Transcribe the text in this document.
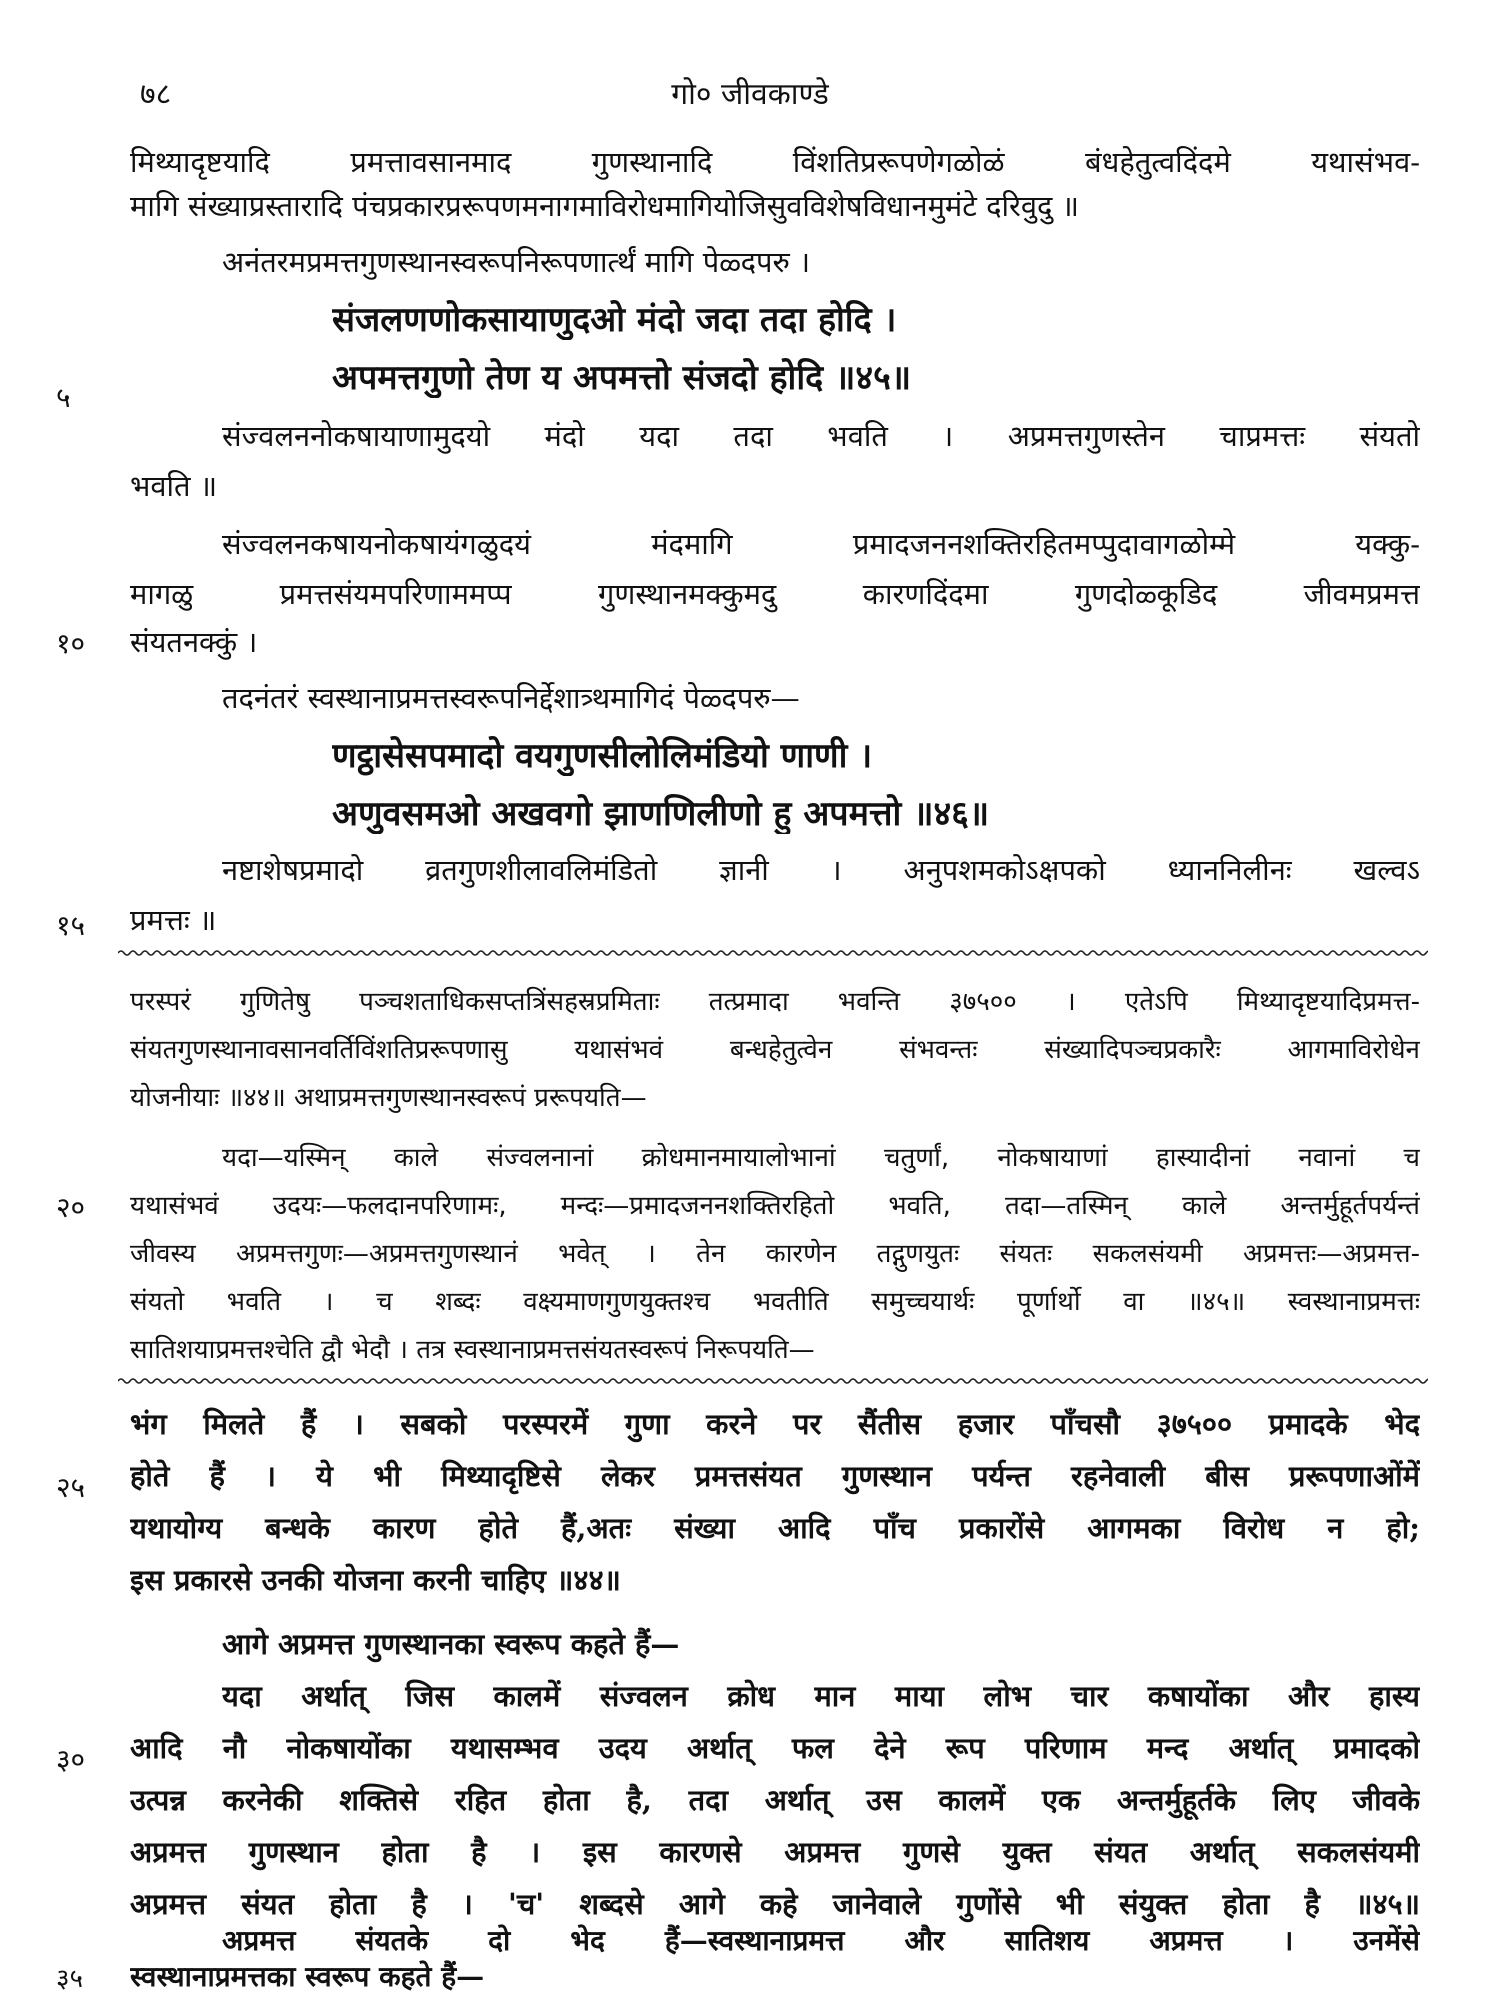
७८	गो० जीवकाण्डे
मिथ्यादृष्टयादि प्रमत्तावसानमाद गुणस्थानादि विंशतिप्ररूपणेगळोळं बंधहेतुत्वदिंदमे यथासंभव-
मागि संख्याप्रस्तारादि पंचप्रकारप्ररूपणमनागमाविरोधमागियोजिसुवविशेषविधानमुमंटे दरिवुदु ॥
अनंतरमप्रमत्तगुणस्थानस्वरूपनिरूपणार्त्थं मागि पेळ्दपरु ।
संजलणणोकसायाणुदओ मंदो जदा तदा होदि ।
अपमत्तगुणो तेण य अपमत्तो संजदो होदि ॥४५॥
५
संज्वलननोकषायाणामुदयो मंदो यदा तदा भवति । अप्रमत्तगुणस्तेन चाप्रमत्तः संयतो
भवति ॥
संज्वलनकषायनोकषायंगळुदयं मंदमागि प्रमादजननशक्तिरहितमप्पुदावागळोम्मे यक्कु-
मागळु प्रमत्तसंयमपरिणाममप्प गुणस्थानमक्कुमदु कारणदिंदमा गुणदोळ्कूडिद जीवमप्रमत्त
संयतनक्कुं ।
१०
तदनंतरं स्वस्थानाप्रमत्तस्वरूपनिर्द्देशात्र्थमागिदं पेळ्दपरु—
णट्ठासेसपमादो वयगुणसीलोलिमंडियो णाणी ।
अणुवसमओ अखवगो झाणणिलीणो हु अपमत्तो ॥४६॥
नष्टाशेषप्रमादो व्रतगुणशीलावलिमंडितो ज्ञानी । अनुपशमकोऽक्षपको ध्याननिलीनः खल्वऽ
प्रमत्तः ॥
१५
परस्परं गुणितेषु पञ्चशताधिकसप्तत्रिंसहस्रप्रमिताः तत्प्रमादा भवन्ति ३७५०० । एतेऽपि मिथ्यादृष्टयादिप्रमत्त-
संयतगुणस्थानावसानवर्तिविंशतिप्ररूपणासु यथासंभवं बन्धहेतुत्वेन संभवन्तः संख्यादिपञ्चप्रकारैः आगमाविरोधेन
योजनीयाः ॥४४॥ अथाप्रमत्तगुणस्थानस्वरूपं प्ररूपयति—
यदा—यस्मिन् काले संज्वलनानां क्रोधमानमायालोभानां चतुर्णां, नोकषायाणां हास्यादीनां नवानां च
यथासंभवं उदयः—फलदानपरिणामः, मन्दः—प्रमादजननशक्तिरहितो भवति, तदा—तस्मिन् काले अन्तर्मुहूर्तपर्यन्तं
२०
जीवस्य अप्रमत्तगुणः—अप्रमत्तगुणस्थानं भवेत् । तेन कारणेन तद्गुणयुतः संयतः सकलसंयमी अप्रमत्तः—अप्रमत्त-
संयतो भवति । च शब्दः वक्ष्यमाणगुणयुक्तश्च भवतीति समुच्चयार्थः पूर्णार्थो वा ॥४५॥ स्वस्थानाप्रमत्तः
सातिशयाप्रमत्तश्चेति द्वौ भेदौ । तत्र स्वस्थानाप्रमत्तसंयतस्वरूपं निरूपयति—
भंग मिलते हैं । सबको परस्परमें गुणा करने पर सैंतीस हजार पाँचसौ ३७५०० प्रमादके भेद
होते हैं । ये भी मिथ्यादृष्टिसे लेकर प्रमत्तसंयत गुणस्थान पर्यन्त रहनेवाली बीस प्ररूपणाओंमें
२५
यथायोग्य बन्धके कारण होते हैं,अतः संख्या आदि पाँच प्रकारोंसे आगमका विरोध न हो;
इस प्रकारसे उनकी योजना करनी चाहिए ॥४४॥
आगे अप्रमत्त गुणस्थानका स्वरूप कहते हैं—
यदा अर्थात् जिस कालमें संज्वलन क्रोध मान माया लोभ चार कषायोंका और हास्य
आदि नौ नोकषायोंका यथासम्भव उदय अर्थात् फल देने रूप परिणाम मन्द अर्थात् प्रमादको
३०
उत्पन्न करनेकी शक्तिसे रहित होता है, तदा अर्थात् उस कालमें एक अन्तर्मुहूर्तके लिए जीवके
अप्रमत्त गुणस्थान होता है । इस कारणसे अप्रमत्त गुणसे युक्त संयत अर्थात् सकलसंयमी
अप्रमत्त संयत होता है । 'च' शब्दसे आगे कहे जानेवाले गुणोंसे भी संयुक्त होता है ॥४५॥
अप्रमत्त संयतके दो भेद हैं—स्वस्थानाप्रमत्त और सातिशय अप्रमत्त । उनमेंसे
स्वस्थानाप्रमत्तका स्वरूप कहते हैं—
३५
